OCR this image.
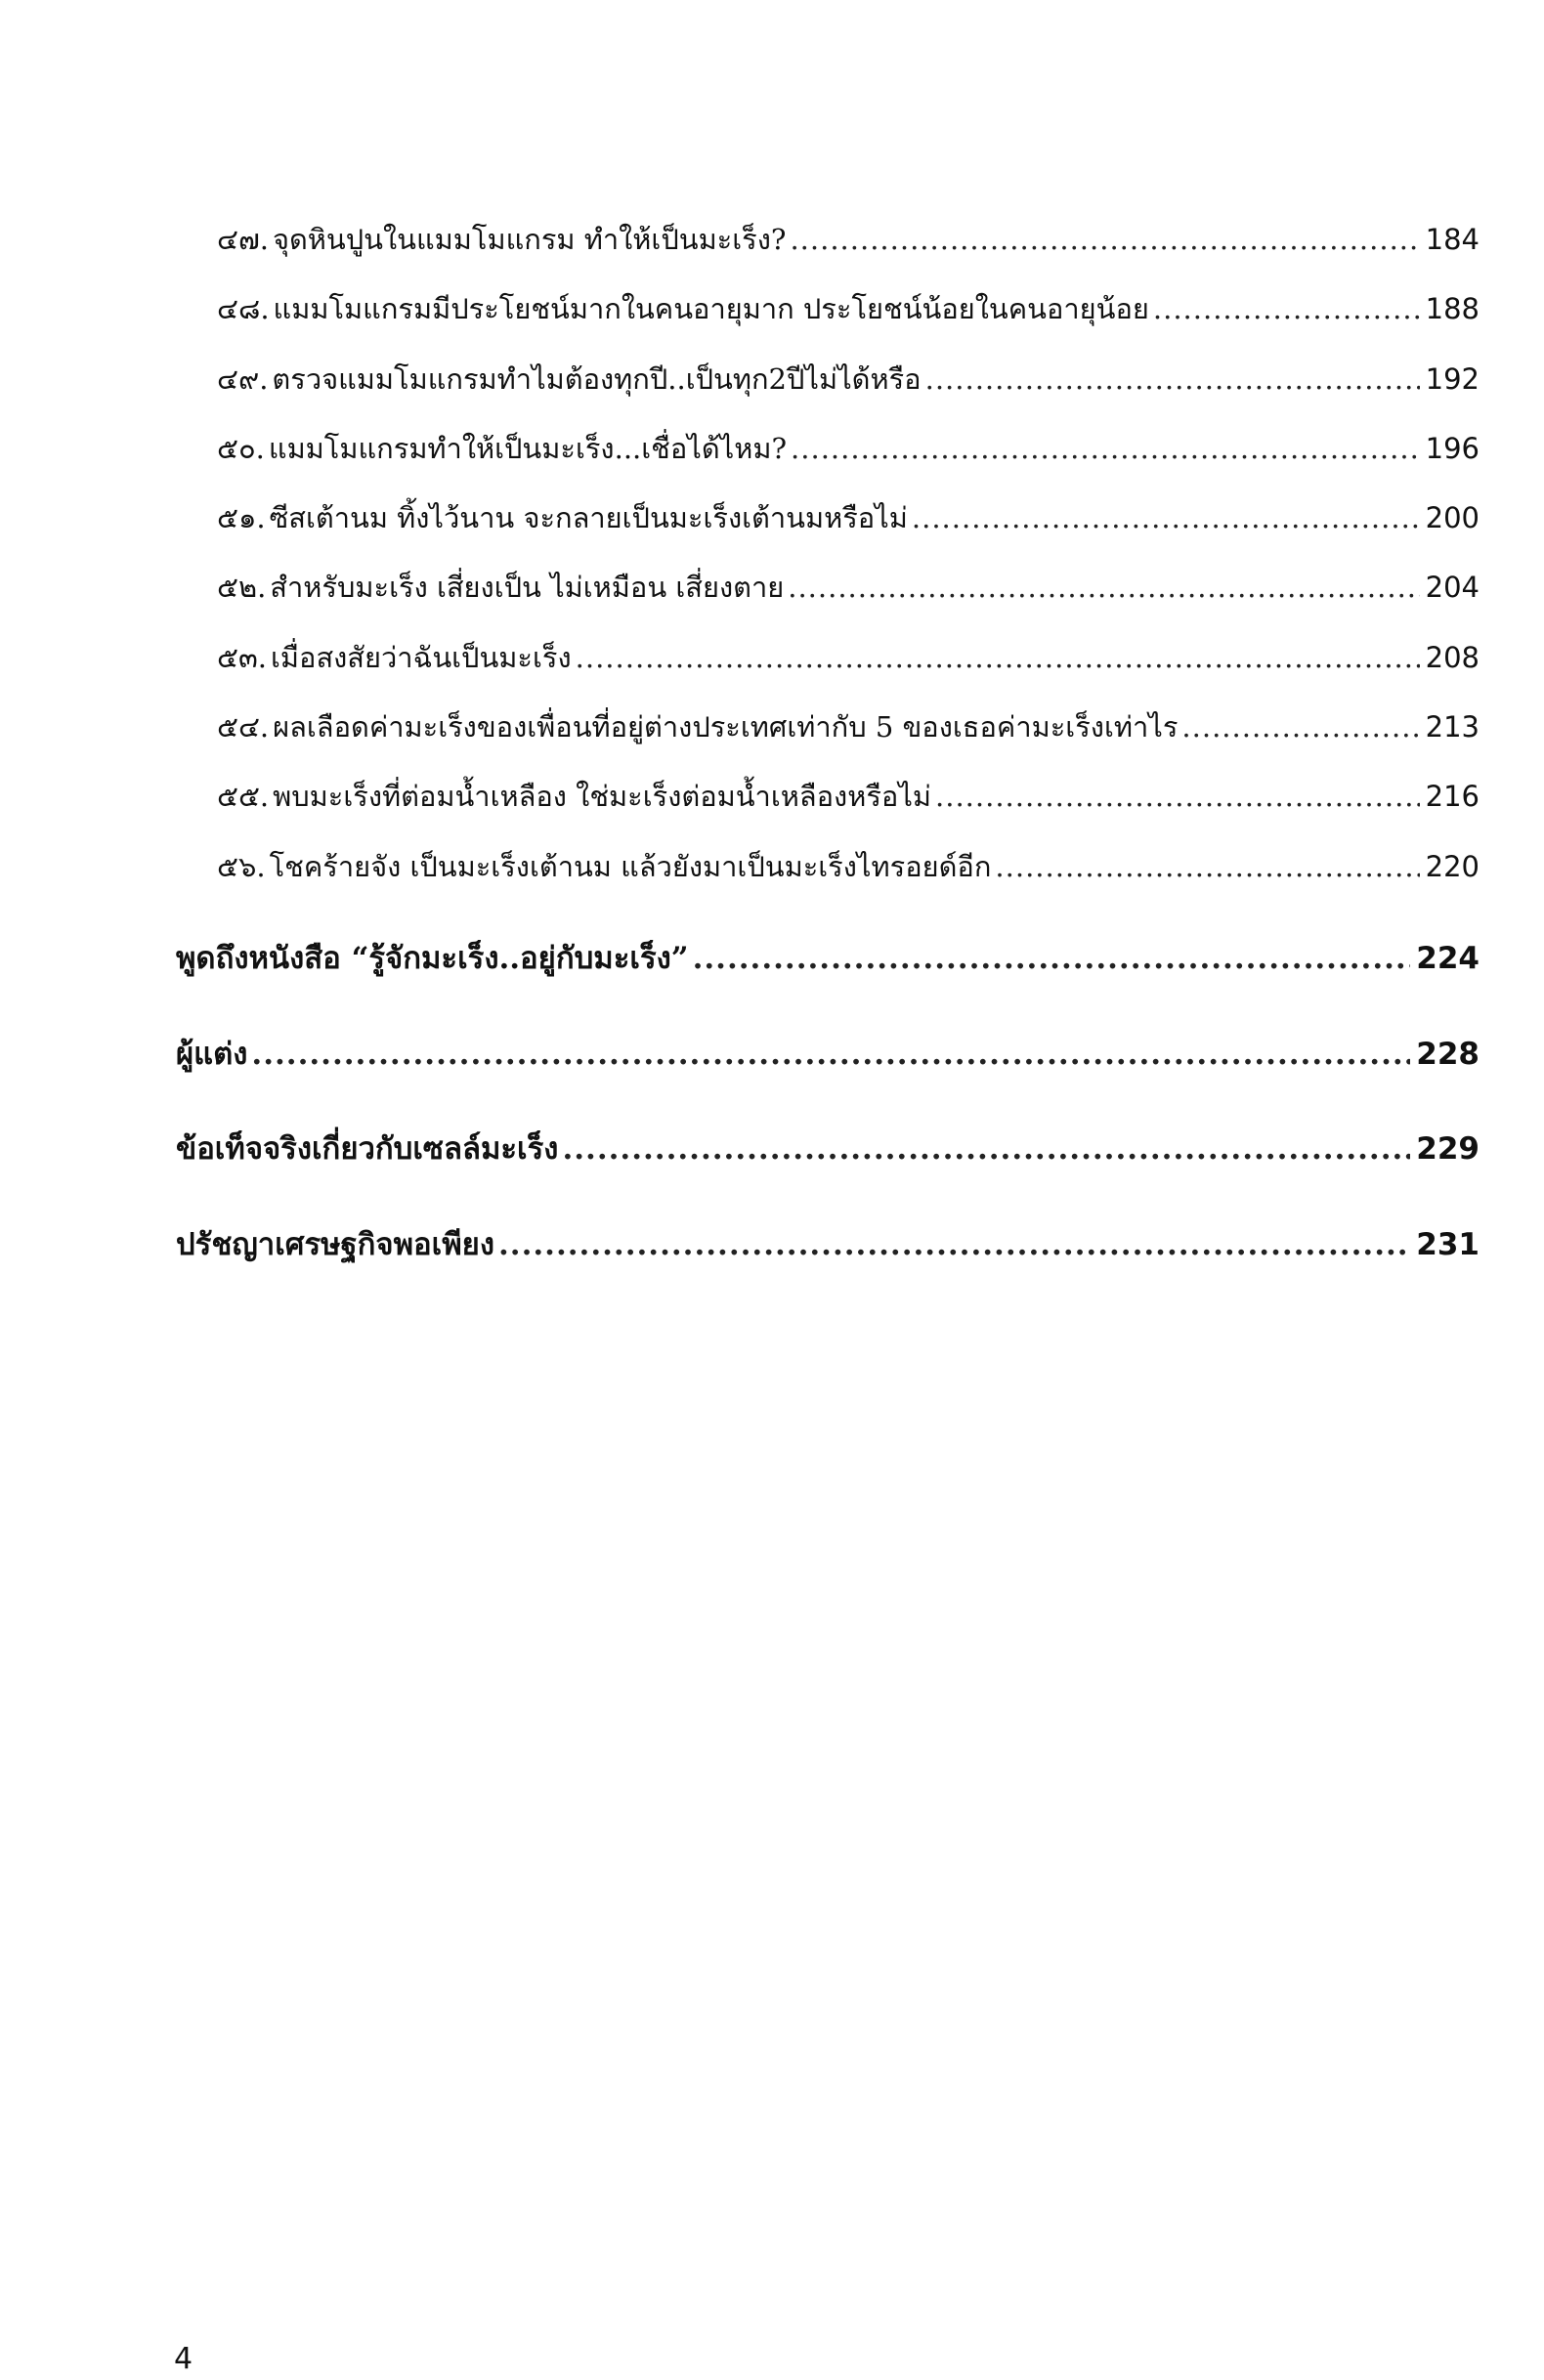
๔๗. จุดหินปูนในแมมโมแกรม ทำให้เป็นมะเร็ง? .....	184
๔๘. แมมโมแกรมมีประโยชน์มากในคนอายุมาก ประโยชน์น้อยในคนอายุน้อย .....	188
๔๙. ตรวจแมมโมแกรมทำไมต้องทุกปี..เป็นทุก2ปีไม่ได้หรือ .....	192
๕๐. แมมโมแกรมทำให้เป็นมะเร็ง...เชื่อได้ไหม? .....	196
๕๑. ซีสเต้านม ทิ้งไว้นาน จะกลายเป็นมะเร็งเต้านมหรือไม่ .....	200
๕๒. สำหรับมะเร็ง เสี่ยงเป็น ไม่เหมือน เสี่ยงตาย .....	204
๕๓. เมื่อสงสัยว่าฉันเป็นมะเร็ง .....	208
๕๔. ผลเลือดค่ามะเร็งของเพื่อนที่อยู่ต่างประเทศเท่ากับ 5 ของเธอค่ามะเร็งเท่าไร .....	213
๕๕. พบมะเร็งที่ต่อมน้ำเหลือง ใช่มะเร็งต่อมน้ำเหลืองหรือไม่ .....	216
๕๖. โชคร้ายจัง เป็นมะเร็งเต้านม แล้วยังมาเป็นมะเร็งไทรอยด์อีก .....	220
พูดถึงหนังสือ “รู้จักมะเร็ง..อยู่กับมะเร็ง” .....	224
ผู้แต่ง .....	228
ข้อเท็จจริงเกี่ยวกับเซลล์มะเร็ง .....	229
ปรัชญาเศรษฐกิจพอเพียง .....	231
4
